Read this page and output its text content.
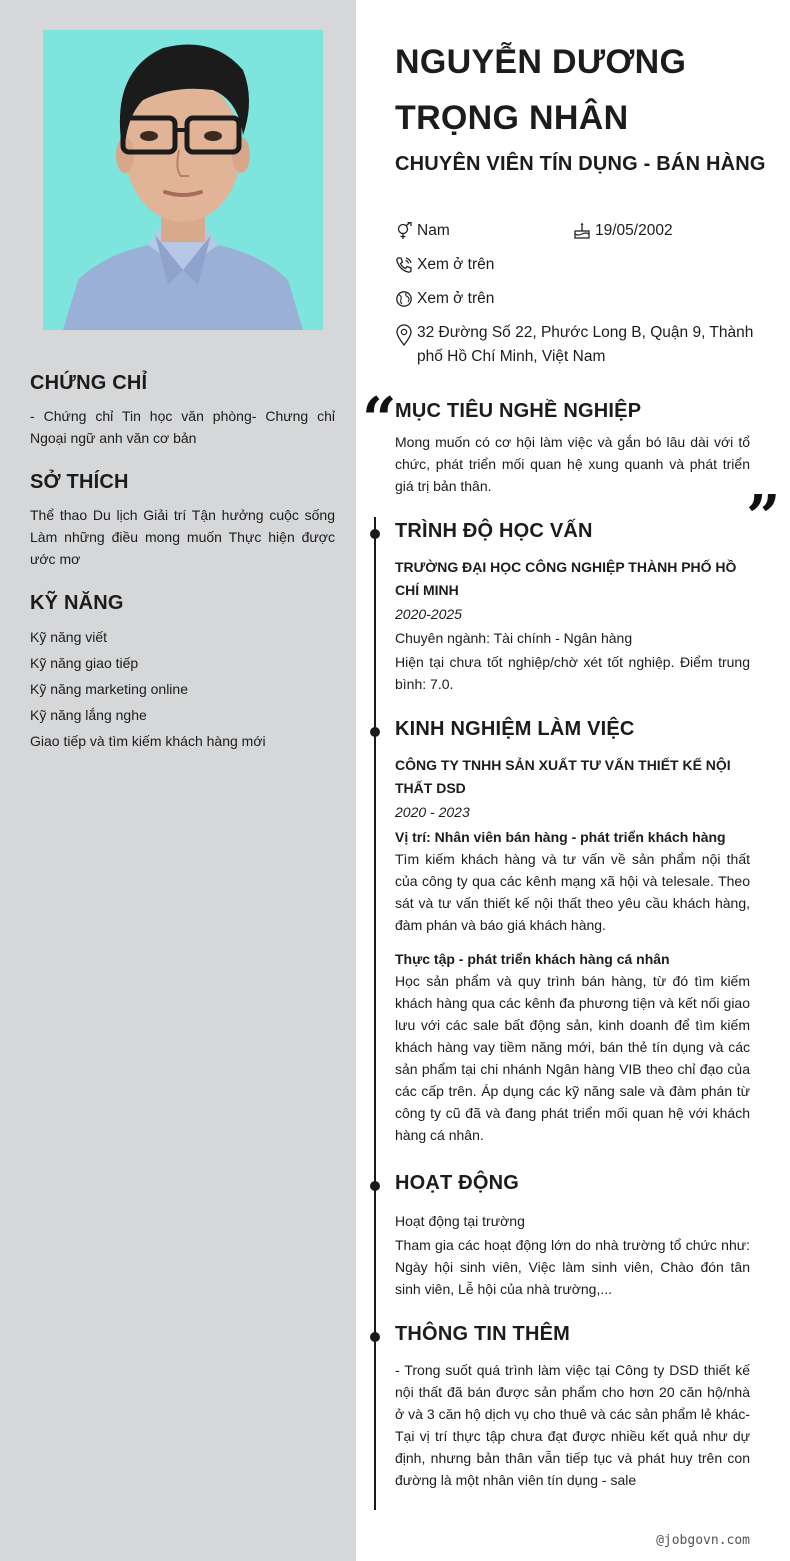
CHỨNG CHỈ
- Chứng chỉ Tin học văn phòng- Chưng chỉ Ngoại ngữ anh văn cơ bản
SỞ THÍCH
Thể thao Du lịch Giải trí Tận hưởng cuộc sống Làm những điều mong muốn Thực hiện được ước mơ
KỸ NĂNG
Kỹ năng viết
Kỹ năng giao tiếp
Kỹ năng marketing online
Kỹ năng lắng nghe
Giao tiếp và tìm kiếm khách hàng mới
NGUYỄN DƯƠNG TRỌNG NHÂN
CHUYÊN VIÊN TÍN DỤNG - BÁN HÀNG
Nam	19/05/2002
Xem ở trên
Xem ở trên
32 Đường Số 22, Phước Long B, Quận 9, Thành phố Hồ Chí Minh, Việt Nam
“
MỤC TIÊU NGHỀ NGHIỆP
Mong muốn có cơ hội làm việc và gắn bó lâu dài với tổ chức, phát triển mối quan hệ xung quanh và phát triển giá trị bản thân.	”
TRÌNH ĐỘ HỌC VẤN
TRƯỜNG ĐẠI HỌC CÔNG NGHIỆP THÀNH PHỐ HỒ CHÍ MINH
2020-2025
Chuyên ngành: Tài chính - Ngân hàng
Hiện tại chưa tốt nghiệp/chờ xét tốt nghiệp. Điểm trung bình: 7.0.
KINH NGHIỆM LÀM VIỆC
CÔNG TY TNHH SẢN XUẤT TƯ VẤN THIẾT KẾ NỘI THẤT DSD
2020 - 2023
Vị trí: Nhân viên bán hàng - phát triển khách hàng
Tìm kiếm khách hàng và tư vấn về sản phẩm nội thất của công ty qua các kênh mạng xã hội và telesale. Theo sát và tư vấn thiết kế nội thất theo yêu cầu khách hàng, đàm phán và báo giá khách hàng.
Thực tập - phát triển khách hàng cá nhân
Học sản phẩm và quy trình bán hàng, từ đó tìm kiếm khách hàng qua các kênh đa phương tiện và kết nối giao lưu với các sale bất động sản, kinh doanh để tìm kiếm khách hàng vay tiềm năng mới, bán thẻ tín dụng và các sản phẩm tại chi nhánh Ngân hàng VIB theo chỉ đạo của các cấp trên. Áp dụng các kỹ năng sale và đàm phán từ công ty cũ đã và đang phát triển mối quan hệ với khách hàng cá nhân.
HOẠT ĐỘNG
Hoạt động tại trường
Tham gia các hoạt động lớn do nhà trường tổ chức như: Ngày hội sinh viên, Việc làm sinh viên, Chào đón tân sinh viên, Lễ hội của nhà trường,...
THÔNG TIN THÊM
- Trong suốt quá trình làm việc tại Công ty DSD thiết kế nội thất đã bán được sản phẩm cho hơn 20 căn hộ/nhà ở và 3 căn hộ dịch vụ cho thuê và các sản phẩm lẻ khác- Tại vị trí thực tập chưa đạt được nhiều kết quả như dự định, nhưng bản thân vẫn tiếp tục và phát huy trên con đường là một nhân viên tín dụng - sale
@jobgovn.com
